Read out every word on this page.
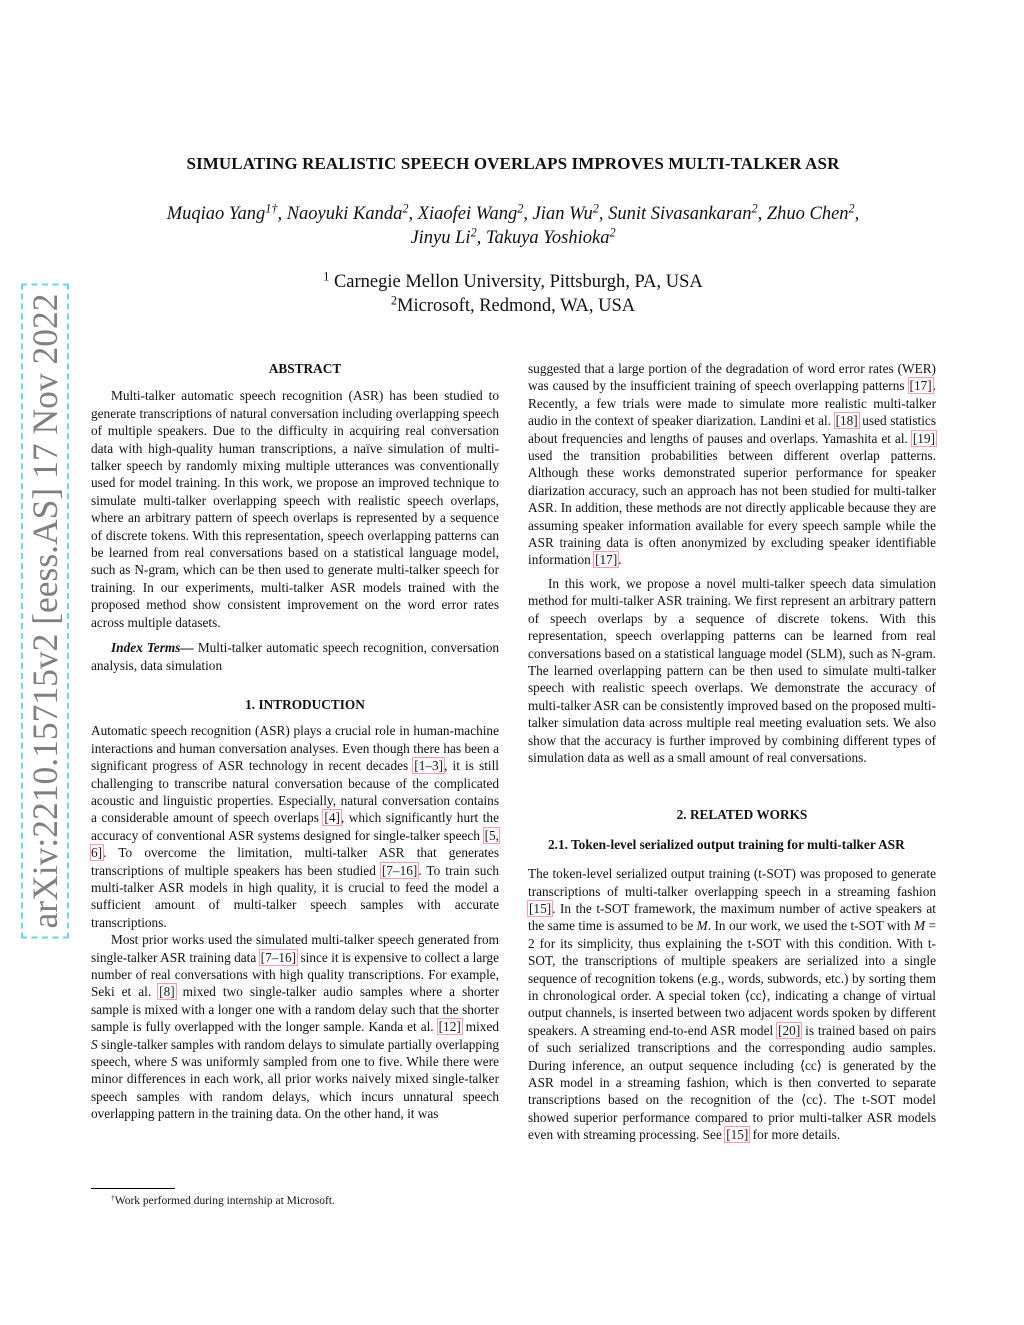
arXiv:2210.15715v2 [eess.AS] 17 Nov 2022
SIMULATING REALISTIC SPEECH OVERLAPS IMPROVES MULTI-TALKER ASR
Muqiao Yang$^{1\dagger}$, Naoyuki Kanda$^2$, Xiaofei Wang$^2$, Jian Wu$^2$, Sunit Sivasankaran$^2$, Zhuo Chen$^2$,
Jinyu Li$^2$, Takuya Yoshioka$^2$
$^1$ Carnegie Mellon University, Pittsburgh, PA, USA
$^2$Microsoft, Redmond, WA, USA

ABSTRACT

Multi-talker automatic speech recognition (ASR) has been studied to generate transcriptions of natural conversation including overlapping speech of multiple speakers. Due to the difficulty in acquiring real conversation data with high-quality human transcriptions, a naïve simulation of multi-talker speech by randomly mixing multiple utterances was conventionally used for model training. In this work, we propose an improved technique to simulate multi-talker overlapping speech with realistic speech overlaps, where an arbitrary pattern of speech overlaps is represented by a sequence of discrete tokens. With this representation, speech overlapping patterns can be learned from real conversations based on a statistical language model, such as N-gram, which can be then used to generate multi-talker speech for training. In our experiments, multi-talker ASR models trained with the proposed method show consistent improvement on the word error rates across multiple datasets.

Index Terms— Multi-talker automatic speech recognition, conversation analysis, data simulation

1. INTRODUCTION

Automatic speech recognition (ASR) plays a crucial role in human-machine interactions and human conversation analyses. Even though there has been a significant progress of ASR technology in recent decades [1–3], it is still challenging to transcribe natural conversation because of the complicated acoustic and linguistic properties. Especially, natural conversation contains a considerable amount of speech overlaps [4], which significantly hurt the accuracy of conventional ASR systems designed for single-talker speech [5, 6]. To overcome the limitation, multi-talker ASR that generates transcriptions of multiple speakers has been studied [7–16]. To train such multi-talker ASR models in high quality, it is crucial to feed the model a sufficient amount of multi-talker speech samples with accurate transcriptions.

Most prior works used the simulated multi-talker speech generated from single-talker ASR training data [7–16] since it is expensive to collect a large number of real conversations with high quality transcriptions. For example, Seki et al. [8] mixed two single-talker audio samples where a shorter sample is mixed with a longer one with a random delay such that the shorter sample is fully overlapped with the longer sample. Kanda et al. [12] mixed S single-talker samples with random delays to simulate partially overlapping speech, where S was uniformly sampled from one to five. While there were minor differences in each work, all prior works naively mixed single-talker speech samples with random delays, which incurs unnatural speech overlapping pattern in the training data. On the other hand, it was

suggested that a large portion of the degradation of word error rates (WER) was caused by the insufficient training of speech overlapping patterns [17]. Recently, a few trials were made to simulate more realistic multi-talker audio in the context of speaker diarization. Landini et al. [18] used statistics about frequencies and lengths of pauses and overlaps. Yamashita et al. [19] used the transition probabilities between different overlap patterns. Although these works demonstrated superior performance for speaker diarization accuracy, such an approach has not been studied for multi-talker ASR. In addition, these methods are not directly applicable because they are assuming speaker information available for every speech sample while the ASR training data is often anonymized by excluding speaker identifiable information [17].

In this work, we propose a novel multi-talker speech data simulation method for multi-talker ASR training. We first represent an arbitrary pattern of speech overlaps by a sequence of discrete tokens. With this representation, speech overlapping patterns can be learned from real conversations based on a statistical language model (SLM), such as N-gram. The learned overlapping pattern can be then used to simulate multi-talker speech with realistic speech overlaps. We demonstrate the accuracy of multi-talker ASR can be consistently improved based on the proposed multi-talker simulation data across multiple real meeting evaluation sets. We also show that the accuracy is further improved by combining different types of simulation data as well as a small amount of real conversations.

2. RELATED WORKS

2.1. Token-level serialized output training for multi-talker ASR

The token-level serialized output training (t-SOT) was proposed to generate transcriptions of multi-talker overlapping speech in a streaming fashion [15]. In the t-SOT framework, the maximum number of active speakers at the same time is assumed to be M. In our work, we used the t-SOT with M = 2 for its simplicity, thus explaining the t-SOT with this condition. With t-SOT, the transcriptions of multiple speakers are serialized into a single sequence of recognition tokens (e.g., words, subwords, etc.) by sorting them in chronological order. A special token ⟨cc⟩, indicating a change of virtual output channels, is inserted between two adjacent words spoken by different speakers. A streaming end-to-end ASR model [20] is trained based on pairs of such serialized transcriptions and the corresponding audio samples. During inference, an output sequence including ⟨cc⟩ is generated by the ASR model in a streaming fashion, which is then converted to separate transcriptions based on the recognition of the ⟨cc⟩. The t-SOT model showed superior performance compared to prior multi-talker ASR models even with streaming processing. See [15] for more details.

†Work performed during internship at Microsoft.
